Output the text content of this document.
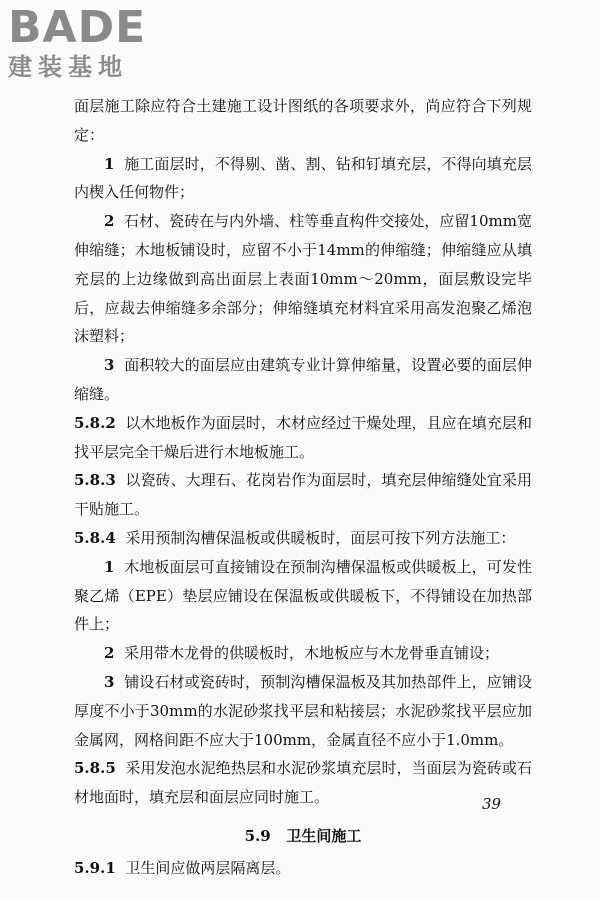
BADE
建装基地

面层施工除应符合土建施工设计图纸的各项要求外，尚应符合下列规定：

1 施工面层时，不得剔、凿、割、钻和钉填充层，不得向填充层内楔入任何物件；

2 石材、瓷砖在与内外墙、柱等垂直构件交接处，应留10mm宽伸缩缝；木地板铺设时，应留不小于14mm的伸缩缝；伸缩缝应从填充层的上边缘做到高出面层上表面10mm～20mm，面层敷设完毕后，应裁去伸缩缝多余部分；伸缩缝填充材料宜采用高发泡聚乙烯泡沫塑料；

3 面积较大的面层应由建筑专业计算伸缩量，设置必要的面层伸缩缝。

5.8.2 以木地板作为面层时，木材应经过干燥处理，且应在填充层和找平层完全干燥后进行木地板施工。

5.8.3 以瓷砖、大理石、花岗岩作为面层时，填充层伸缩缝处宜采用干贴施工。

5.8.4 采用预制沟槽保温板或供暖板时，面层可按下列方法施工：

1 木地板面层可直接铺设在预制沟槽保温板或供暖板上，可发性聚乙烯（EPE）垫层应铺设在保温板或供暖板下，不得铺设在加热部件上；

2 采用带木龙骨的供暖板时，木地板应与木龙骨垂直铺设；

3 铺设石材或瓷砖时，预制沟槽保温板及其加热部件上，应铺设厚度不小于30mm的水泥砂浆找平层和粘接层；水泥砂浆找平层应加金属网，网格间距不应大于100mm，金属直径不应小于1.0mm。

5.8.5 采用发泡水泥绝热层和水泥砂浆填充层时，当面层为瓷砖或石材地面时，填充层和面层应同时施工。

5.9 卫生间施工

5.9.1 卫生间应做两层隔离层。

39
